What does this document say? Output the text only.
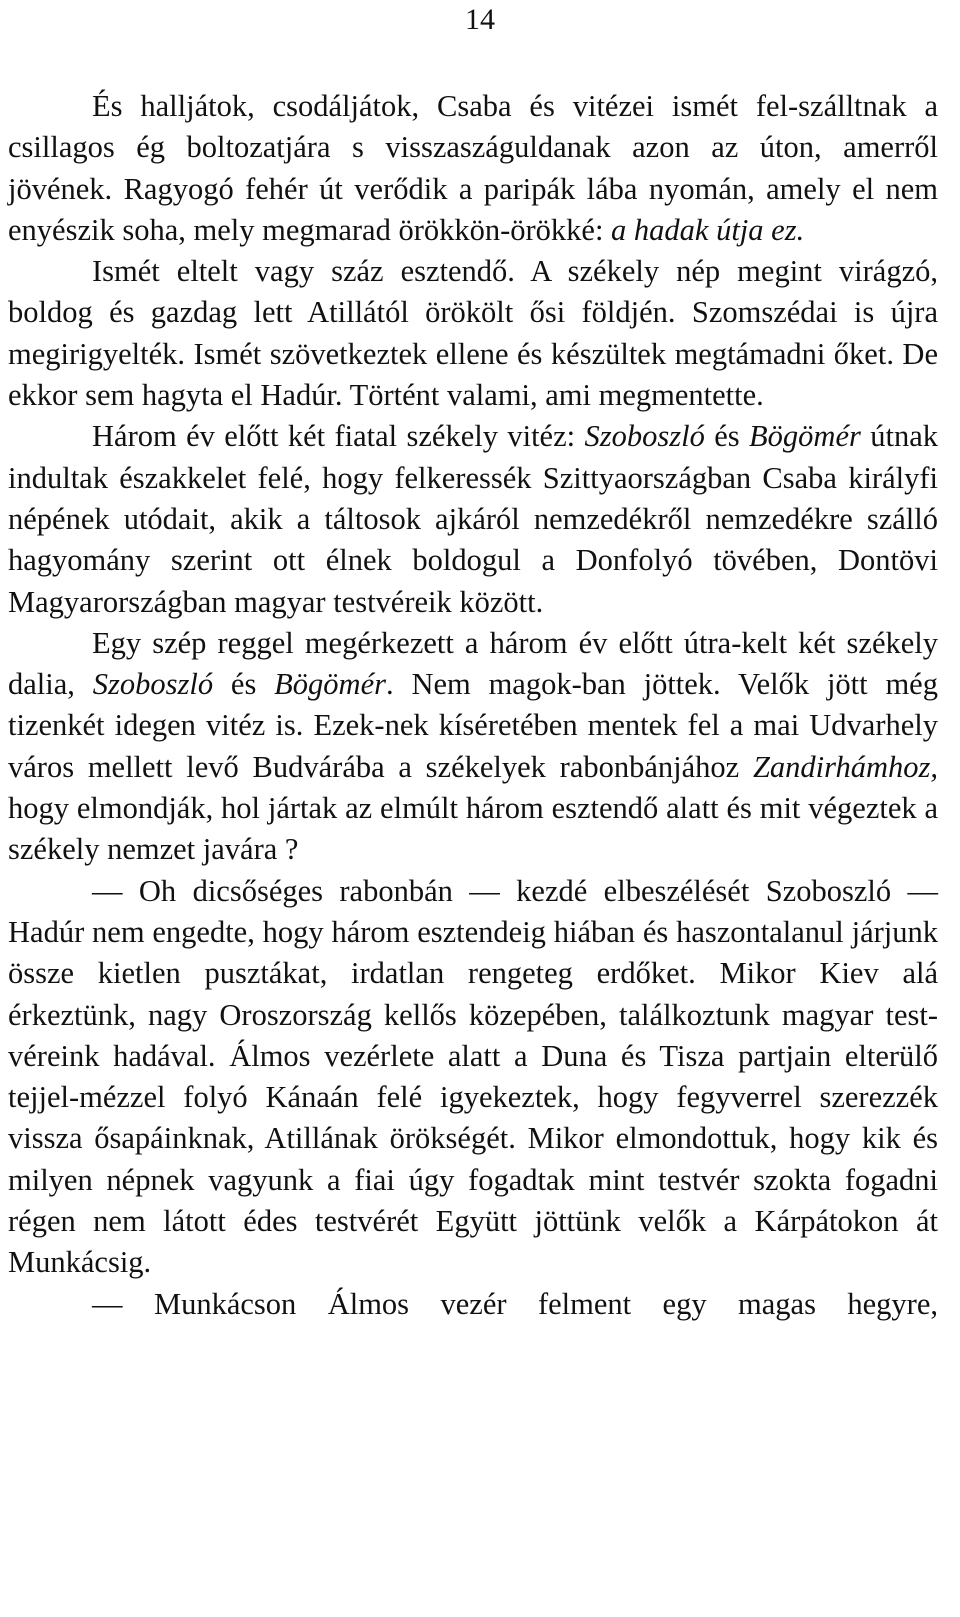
14

És halljátok, csodáljátok, Csaba és vitézei ismét fel-szálltnak a csillagos ég boltozatjára s visszaszáguldanak azon az úton, amerről jövének. Ragyogó fehér út verődik a paripák lába nyomán, amely el nem enyészik soha, mely megmarad örökkön-örökké: a hadak útja ez.

Ismét eltelt vagy száz esztendő. A székely nép megint virágzó, boldog és gazdag lett Atillától örökölt ősi földjén. Szomszédai is újra megirigyelték. Ismét szövetkeztek ellene és készültek megtámadni őket. De ekkor sem hagyta el Hadúr. Történt valami, ami megmentette.

Három év előtt két fiatal székely vitéz: Szoboszló és Bögömér útnak indultak északkelet felé, hogy felkeressék Szittyaországban Csaba királyfi népének utódait, akik a táltosok ajkáról nemzedékről nemzedékre szálló hagyomány szerint ott élnek boldogul a Donfolyó tövében, Dontövi Magyarországban magyar testvéreik között.

Egy szép reggel megérkezett a három év előtt útra-kelt két székely dalia, Szoboszló és Bögömér. Nem magok-ban jöttek. Velők jött még tizenkét idegen vitéz is. Ezek-nek kíséretében mentek fel a mai Udvarhely város mellett levő Budvárába a székelyek rabonbánjához Zandirhámhoz, hogy elmondják, hol jártak az elmúlt három esztendő alatt és mit végeztek a székely nemzet javára ?

— Oh dicsőséges rabonbán — kezdé elbeszélését Szoboszló — Hadúr nem engedte, hogy három esztendeig hiában és haszontalanul járjunk össze kietlen pusztákat, irdatlan rengeteg erdőket. Mikor Kiev alá érkeztünk, nagy Oroszország kellős közepében, találkoztunk magyar test-véreink hadával. Álmos vezérlete alatt a Duna és Tisza partjain elterülő tejjel-mézzel folyó Kánaán felé igyekeztek, hogy fegyverrel szerezzék vissza ősapáinknak, Atillának örökségét. Mikor elmondottuk, hogy kik és milyen népnek vagyunk a fiai úgy fogadtak mint testvér szokta fogadni régen nem látott édes testvérét Együtt jöttünk velők a Kárpátokon át Munkácsig.

— Munkácson Álmos vezér felment egy magas hegyre,
